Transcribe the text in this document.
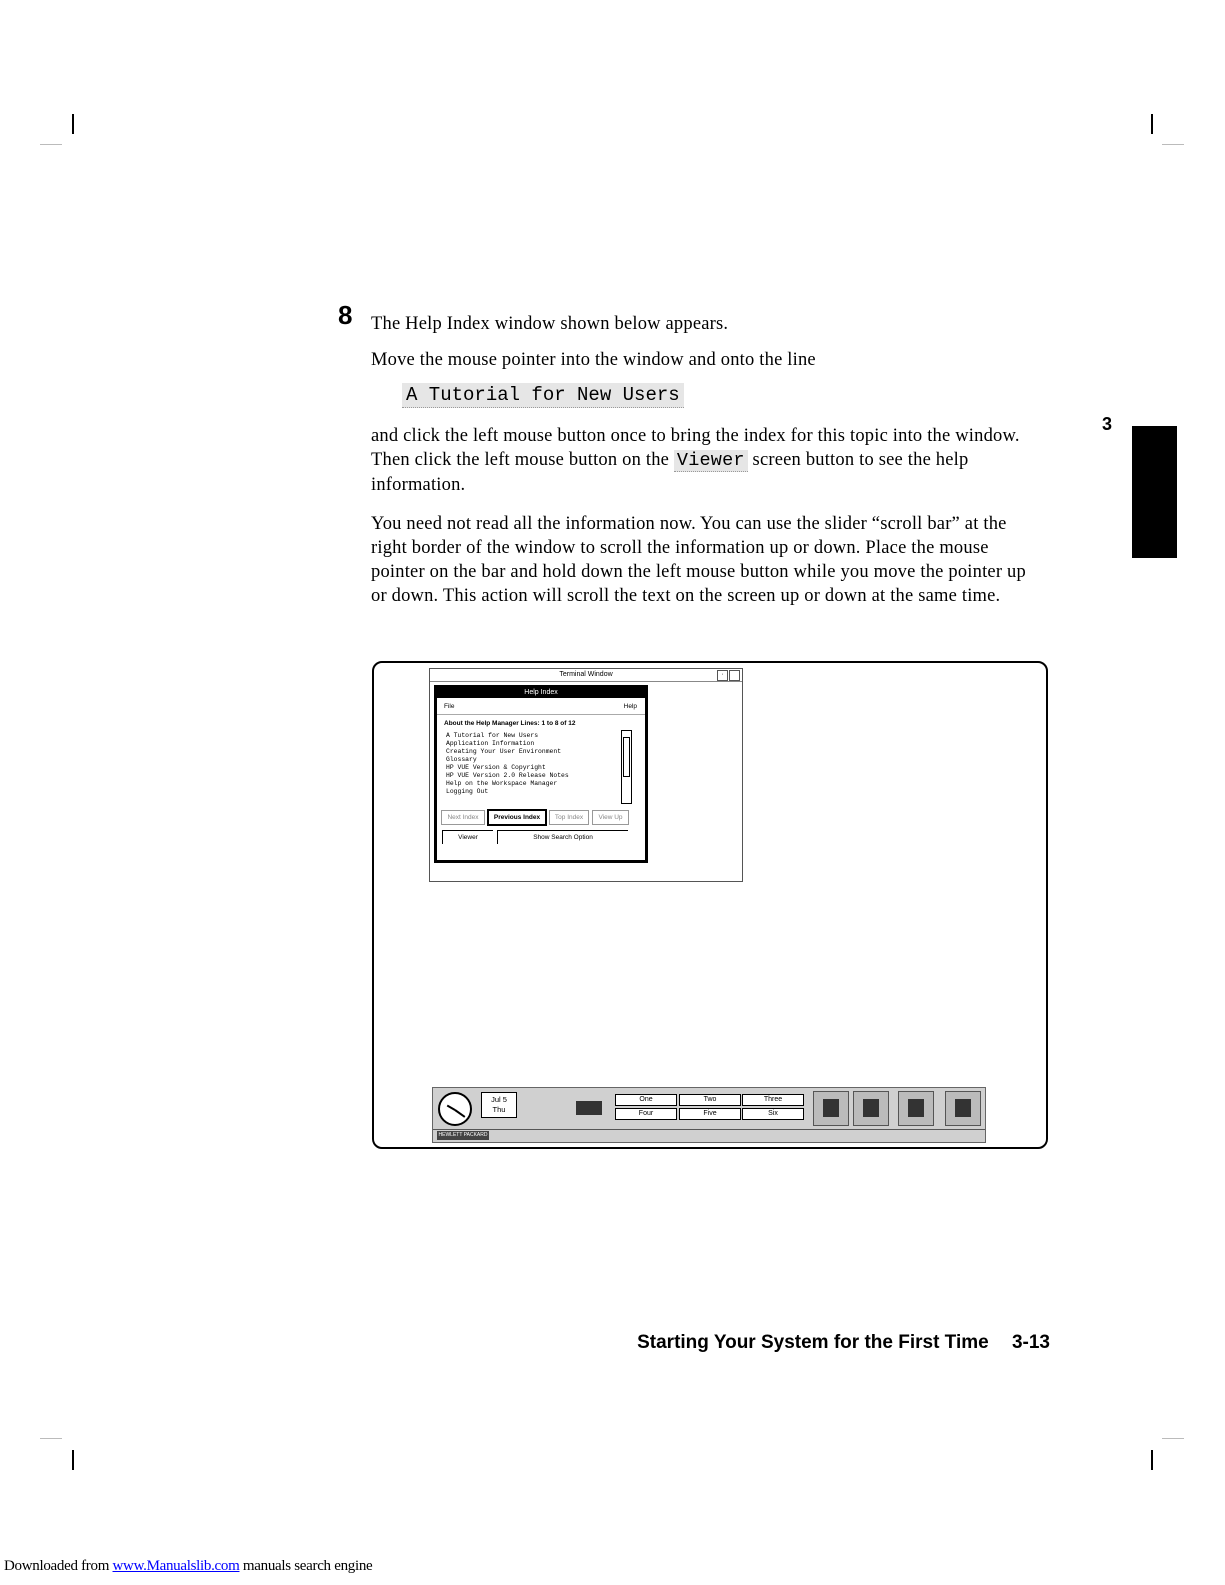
8 The Help Index window shown below appears.
Move the mouse pointer into the window and onto the line
A Tutorial for New Users
and click the left mouse button once to bring the index for this topic into the window. Then click the left mouse button on the Viewer screen button to see the help information.
You need not read all the information now. You can use the slider “scroll bar” at the right border of the window to scroll the information up or down. Place the mouse pointer on the bar and hold down the left mouse button while you move the pointer up or down. This action will scroll the text on the screen up or down at the same time.
3
Terminal Window	·
Help Index
File	Help
About the Help Manager Lines: 1 to 8 of 12
A Tutorial for New Users
Application Information
Creating Your User Environment
Glossary
HP VUE Version & Copyright
HP VUE Version 2.0 Release Notes
Help on the Workspace Manager
Logging Out
Next Index	Previous Index	Top Index	View Up
Viewer	Show Search Option
Jul 5
Thu
One	Two	Three
Four	Five	Six
HEWLETT PACKARD
Starting Your System for the First Time 3-13
Downloaded from www.Manualslib.com manuals search engine
